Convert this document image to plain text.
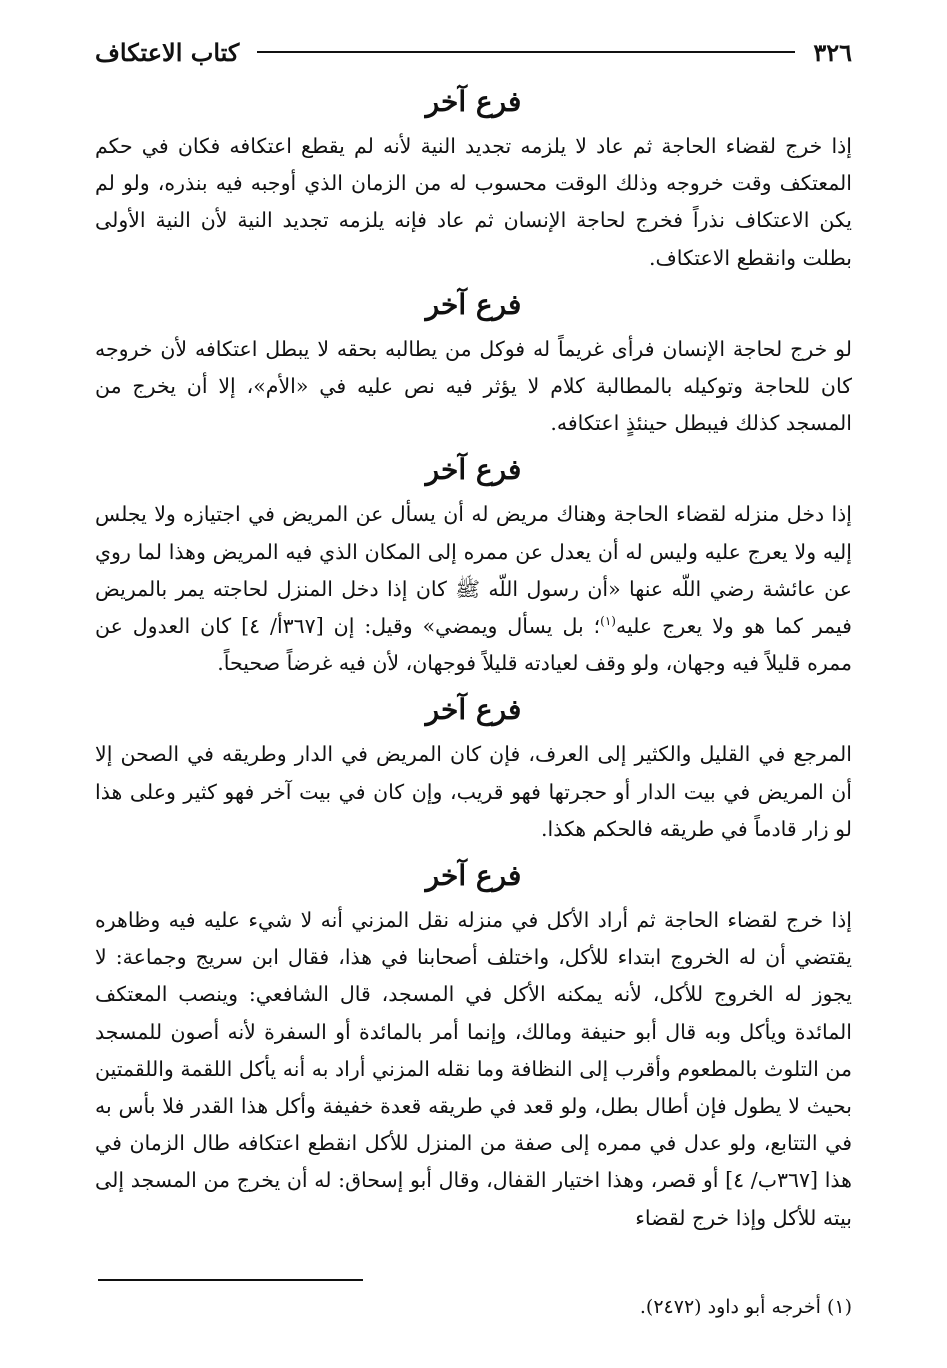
٣٢٦
كتاب الاعتكاف
فرع آخر

إذا خرج لقضاء الحاجة ثم عاد لا يلزمه تجديد النية لأنه لم يقطع اعتكافه فكان في حكم المعتكف وقت خروجه وذلك الوقت محسوب له من الزمان الذي أوجبه فيه بنذره، ولو لم يكن الاعتكاف نذراً فخرج لحاجة الإنسان ثم عاد فإنه يلزمه تجديد النية لأن النية الأولى بطلت وانقطع الاعتكاف.

فرع آخر

لو خرج لحاجة الإنسان فرأى غريماً له فوكل من يطالبه بحقه لا يبطل اعتكافه لأن خروجه كان للحاجة وتوكيله بالمطالبة كلام لا يؤثر فيه نص عليه في «الأم»، إلا أن يخرج من المسجد كذلك فيبطل حينئذٍ اعتكافه.

فرع آخر

إذا دخل منزله لقضاء الحاجة وهناك مريض له أن يسأل عن المريض في اجتيازه ولا يجلس إليه ولا يعرج عليه وليس له أن يعدل عن ممره إلى المكان الذي فيه المريض وهذا لما روي عن عائشة رضي اللّه عنها «أن رسول اللّه ﷺ كان إذا دخل المنزل لحاجته يمر بالمريض فيمر كما هو ولا يعرج عليه$^{(١)}$؛ بل يسأل ويمضي» وقيل: إن [٣٦٧أ/ ٤] كان العدول عن ممره قليلاً فيه وجهان، ولو وقف لعيادته قليلاً فوجهان، لأن فيه غرضاً صحيحاً.

فرع آخر

المرجع في القليل والكثير إلى العرف، فإن كان المريض في الدار وطريقه في الصحن إلا أن المريض في بيت الدار أو حجرتها فهو قريب، وإن كان في بيت آخر فهو كثير وعلى هذا لو زار قادماً في طريقه فالحكم هكذا.

فرع آخر

إذا خرج لقضاء الحاجة ثم أراد الأكل في منزله نقل المزني أنه لا شيء عليه فيه وظاهره يقتضي أن له الخروج ابتداء للأكل، واختلف أصحابنا في هذا، فقال ابن سريج وجماعة: لا يجوز له الخروج للأكل، لأنه يمكنه الأكل في المسجد، قال الشافعي: وينصب المعتكف المائدة ويأكل وبه قال أبو حنيفة ومالك، وإنما أمر بالمائدة أو السفرة لأنه أصون للمسجد من التلوث بالمطعوم وأقرب إلى النظافة وما نقله المزني أراد به أنه يأكل اللقمة واللقمتين بحيث لا يطول فإن أطال بطل، ولو قعد في طريقه قعدة خفيفة وأكل هذا القدر فلا بأس به في التتابع، ولو عدل في ممره إلى صفة من المنزل للأكل انقطع اعتكافه طال الزمان في هذا [٣٦٧ب/ ٤] أو قصر، وهذا اختيار القفال، وقال أبو إسحاق: له أن يخرج من المسجد إلى بيته للأكل وإذا خرج لقضاء

(١) أخرجه أبو داود (٢٤٧٢).
